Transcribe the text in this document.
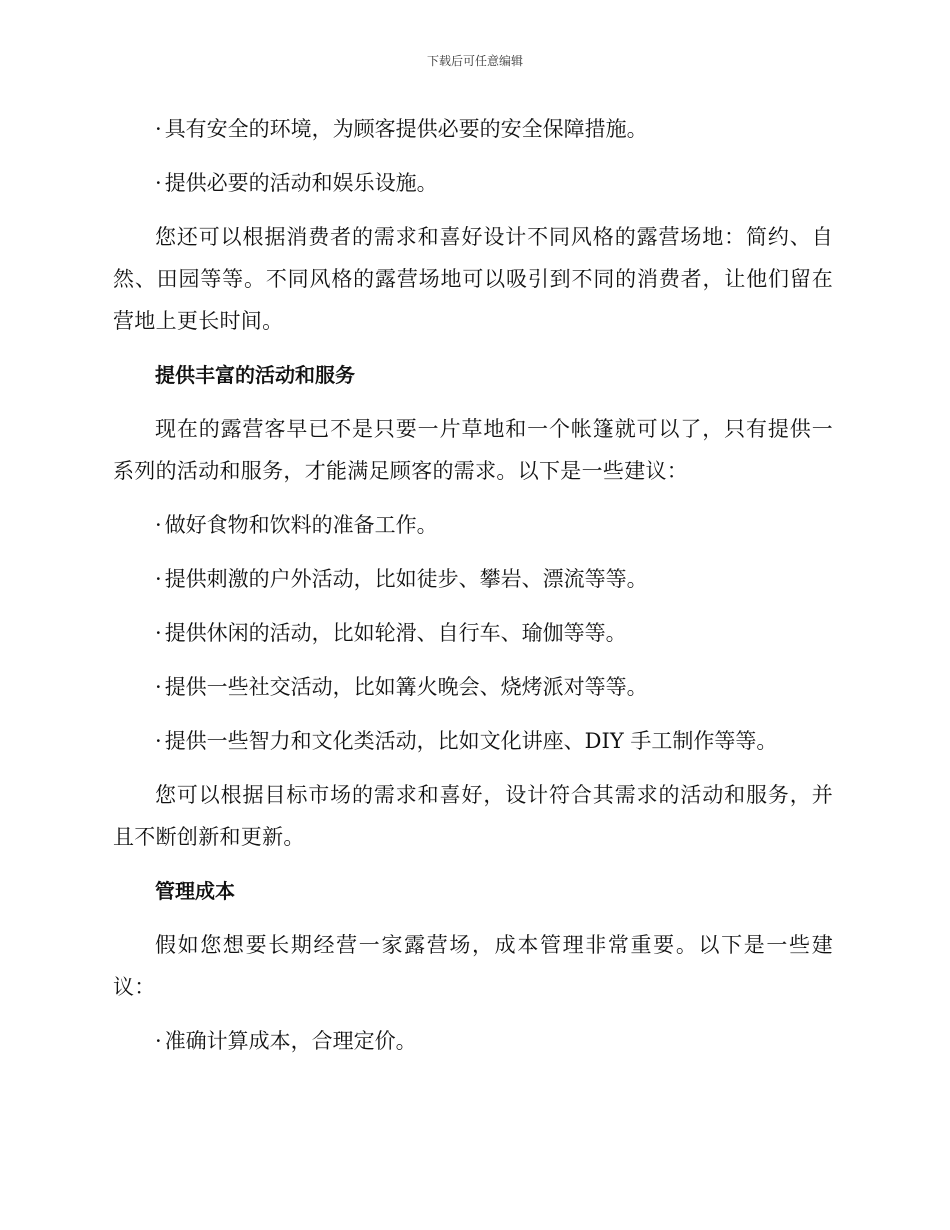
下载后可任意编辑
· 具有安全的环境，为顾客提供必要的安全保障措施。
· 提供必要的活动和娱乐设施。

您还可以根据消费者的需求和喜好设计不同风格的露营场地：简约、自然、田园等等。不同风格的露营场地可以吸引到不同的消费者，让他们留在营地上更长时间。

提供丰富的活动和服务

现在的露营客早已不是只要一片草地和一个帐篷就可以了，只有提供一系列的活动和服务，才能满足顾客的需求。以下是一些建议：

· 做好食物和饮料的准备工作。
· 提供刺激的户外活动，比如徒步、攀岩、漂流等等。
· 提供休闲的活动，比如轮滑、自行车、瑜伽等等。
· 提供一些社交活动，比如篝火晚会、烧烤派对等等。
· 提供一些智力和文化类活动，比如文化讲座、DIY 手工制作等等。

您可以根据目标市场的需求和喜好，设计符合其需求的活动和服务，并且不断创新和更新。

管理成本

假如您想要长期经营一家露营场，成本管理非常重要。以下是一些建议：

· 准确计算成本，合理定价。
